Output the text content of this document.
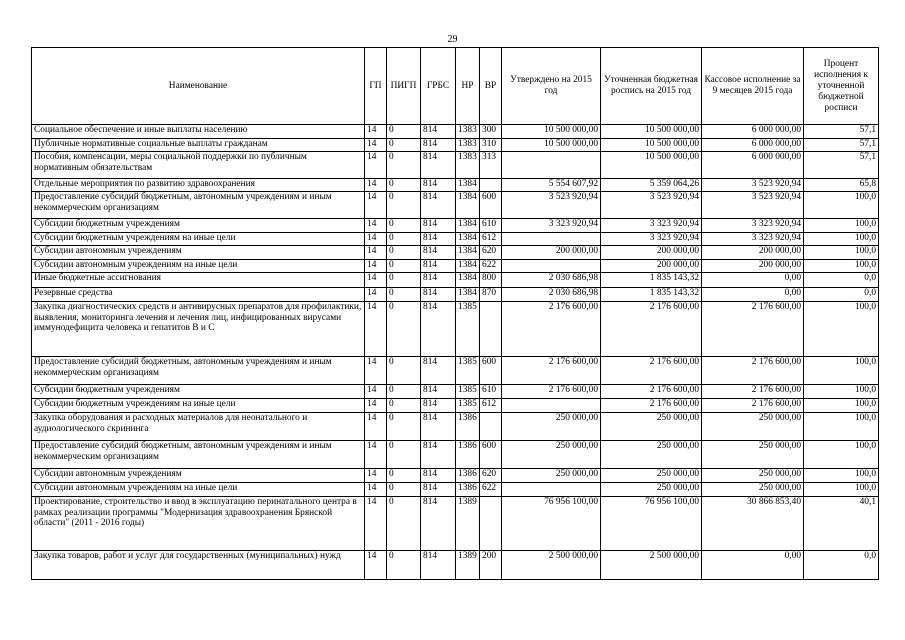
29
Наименование	ГП	ПИГП	ГРБС	НР	ВР	Утверждено на 2015 год	Уточненная бюджетная роспись на 2015 год	Кассовое исполнение за 9 месяцев 2015 года	Процент исполнения к уточненной бюджетной росписи
Социальное обеспечение и иные выплаты населению	14	0	814	1383	300	10 500 000,00	10 500 000,00	6 000 000,00	57,1
Публичные нормативные социальные выплаты гражданам	14	0	814	1383	310	10 500 000,00	10 500 000,00	6 000 000,00	57,1
Пособия, компенсации, меры социальной поддержки по публичным нормативным обязательствам	14	0	814	1383	313		10 500 000,00	6 000 000,00	57,1
Отдельные мероприятия по развитию здравоохранения	14	0	814	1384		5 554 607,92	5 359 064,26	3 523 920,94	65,8
Предоставление субсидий бюджетным, автономным учреждениям и иным некоммерческим организациям	14	0	814	1384	600	3 523 920,94	3 523 920,94	3 523 920,94	100,0
Субсидии бюджетным учреждениям	14	0	814	1384	610	3 323 920,94	3 323 920,94	3 323 920,94	100,0
Субсидии бюджетным учреждениям на иные цели	14	0	814	1384	612		3 323 920,94	3 323 920,94	100,0
Субсидии автономным учреждениям	14	0	814	1384	620	200 000,00	200 000,00	200 000,00	100,0
Субсидии автономным учреждениям на иные цели	14	0	814	1384	622		200 000,00	200 000,00	100,0
Иные бюджетные ассигнования	14	0	814	1384	800	2 030 686,98	1 835 143,32	0,00	0,0
Резервные средства	14	0	814	1384	870	2 030 686,98	1 835 143,32	0,00	0,0
Закупка диагностических средств и антивирусных препаратов для профилактики, выявления, мониторинга лечения и лечения лиц, инфицированных вирусами иммунодефицита человека и гепатитов В и С	14	0	814	1385		2 176 600,00	2 176 600,00	2 176 600,00	100,0
Предоставление субсидий бюджетным, автономным учреждениям и иным некоммерческим организациям	14	0	814	1385	600	2 176 600,00	2 176 600,00	2 176 600,00	100,0
Субсидии бюджетным учреждениям	14	0	814	1385	610	2 176 600,00	2 176 600,00	2 176 600,00	100,0
Субсидии бюджетным учреждениям на иные цели	14	0	814	1385	612		2 176 600,00	2 176 600,00	100,0
Закупка оборудования и расходных материалов для неонатального и аудиологического скрининга	14	0	814	1386		250 000,00	250 000,00	250 000,00	100,0
Предоставление субсидий бюджетным, автономным учреждениям и иным некоммерческим организациям	14	0	814	1386	600	250 000,00	250 000,00	250 000,00	100,0
Субсидии автономным учреждениям	14	0	814	1386	620	250 000,00	250 000,00	250 000,00	100,0
Субсидии автономным учреждениям на иные цели	14	0	814	1386	622		250 000,00	250 000,00	100,0
Проектирование, строительство и ввод в эксплуатацию перинатального центра в рамках реализации программы "Модернизация здравоохранения Брянской области" (2011 - 2016 годы)	14	0	814	1389		76 956 100,00	76 956 100,00	30 866 853,40	40,1
Закупка товаров, работ и услуг для государственных (муниципальных) нужд	14	0	814	1389	200	2 500 000,00	2 500 000,00	0,00	0,0
